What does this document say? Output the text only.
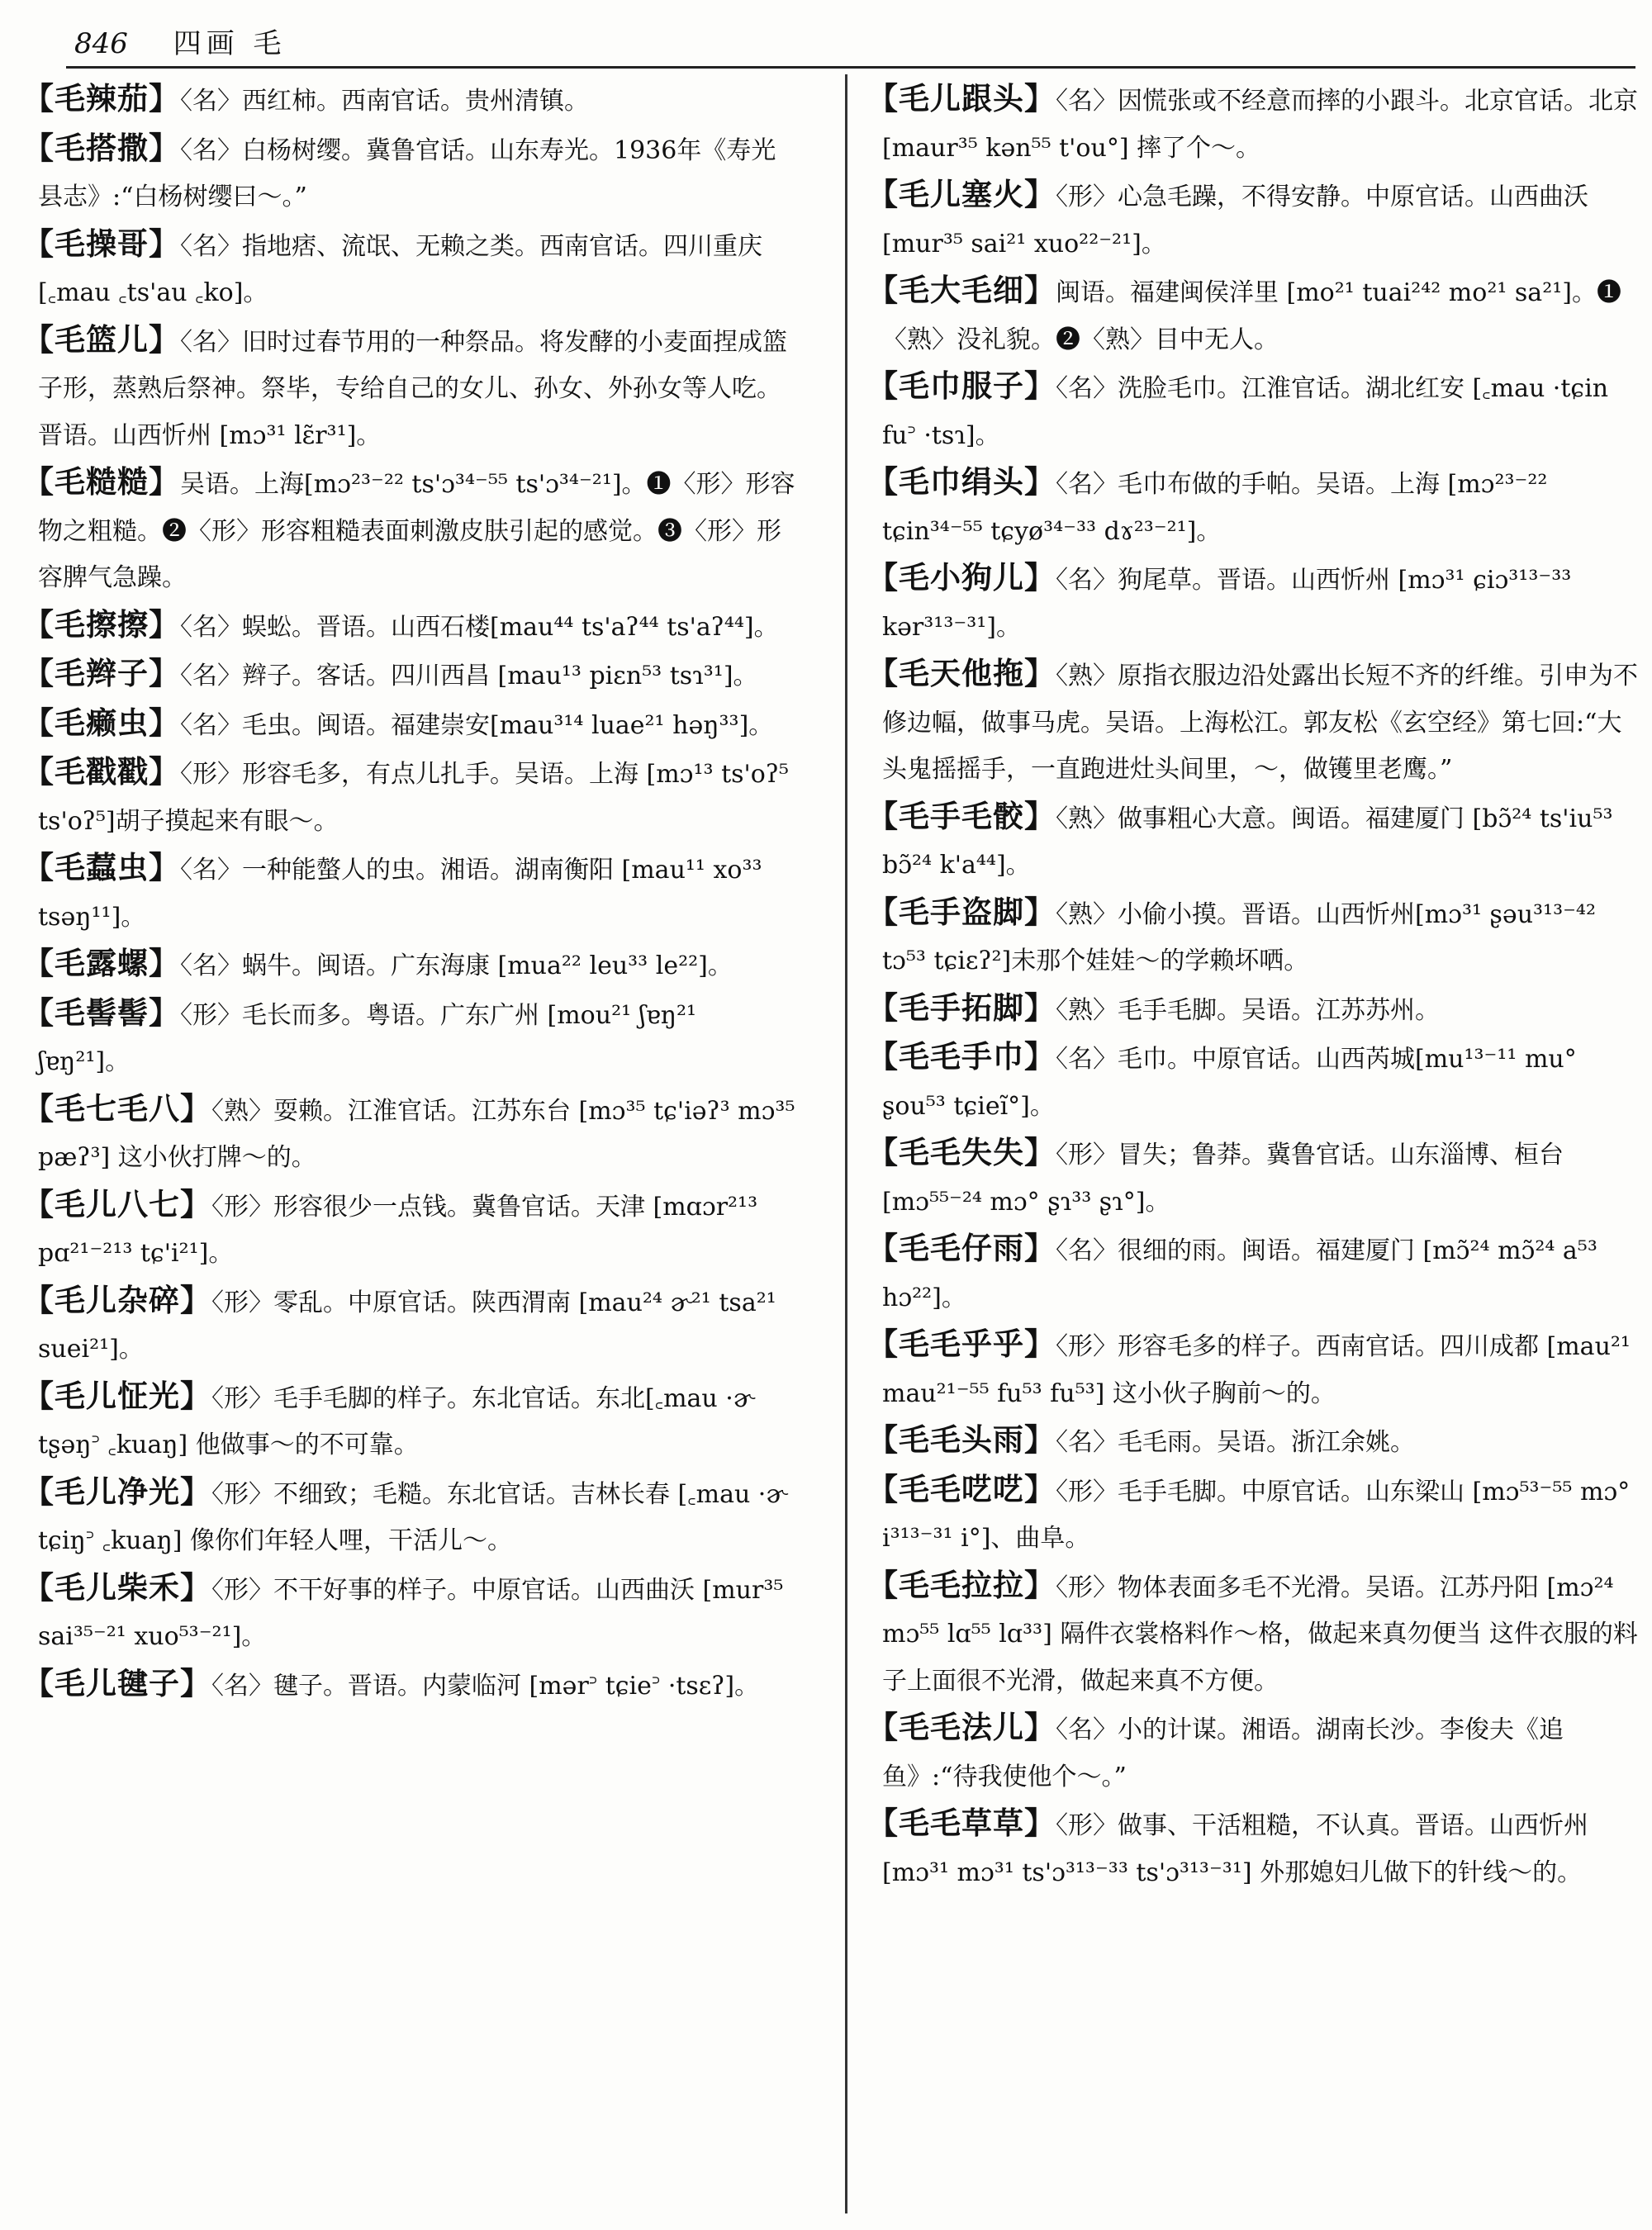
846 四画 毛

【毛辣茄】〈名〉西红柿。西南官话。贵州清镇。

【毛搭撒】〈名〉白杨树缨。冀鲁官话。山东寿光。1936年《寿光县志》:“白杨树缨曰～。”

【毛操哥】〈名〉指地痞、流氓、无赖之类。西南官话。四川重庆 [꜀mau ꜀ts'au ꜀ko]。

【毛篮儿】〈名〉旧时过春节用的一种祭品。将发酵的小麦面捏成篮子形，蒸熟后祭神。祭毕，专给自己的女儿、孙女、外孙女等人吃。晋语。山西忻州 [mɔ³¹ lɛ̃r³¹]。

【毛糙糙】吴语。上海[mɔ²³⁻²² ts'ɔ³⁴⁻⁵⁵ ts'ɔ³⁴⁻²¹]。❶〈形〉形容物之粗糙。❷〈形〉形容粗糙表面刺激皮肤引起的感觉。❸〈形〉形容脾气急躁。

【毛擦擦】〈名〉蜈蚣。晋语。山西石楼[mau⁴⁴ ts'aʔ⁴⁴ ts'aʔ⁴⁴]。

【毛辫子】〈名〉辫子。客话。四川西昌 [mau¹³ piɛn⁵³ tsɿ³¹]。

【毛癞虫】〈名〉毛虫。闽语。福建崇安[mau³¹⁴ luae²¹ həŋ³³]。

【毛戳戳】〈形〉形容毛多，有点儿扎手。吴语。上海 [mɔ¹³ ts'oʔ⁵ ts'oʔ⁵]胡子摸起来有眼～。

【毛蠚虫】〈名〉一种能螫人的虫。湘语。湖南衡阳 [mau¹¹ xo³³ tsəŋ¹¹]。

【毛露螺】〈名〉蜗牛。闽语。广东海康 [mua²² leu³³ le²²]。

【毛髻髻】〈形〉毛长而多。粤语。广东广州 [mou²¹ ʃɐŋ²¹ ʃɐŋ²¹]。

【毛七毛八】〈熟〉耍赖。江淮官话。江苏东台 [mɔ³⁵ tɕ'iəʔ³ mɔ³⁵ pæʔ³] 这小伙打牌～的。

【毛儿八七】〈形〉形容很少一点钱。冀鲁官话。天津 [mɑɔr²¹³ pɑ²¹⁻²¹³ tɕ'i²¹]。

【毛儿杂碎】〈形〉零乱。中原官话。陕西渭南 [mau²⁴ ɚ²¹ tsa²¹ suei²¹]。

【毛儿怔光】〈形〉毛手毛脚的样子。东北官话。东北[꜀mau ·ɚ tʂəŋ꜄ ꜀kuaŋ] 他做事～的不可靠。

【毛儿净光】〈形〉不细致；毛糙。东北官话。吉林长春 [꜀mau ·ɚ tɕiŋ꜄ ꜀kuaŋ] 像你们年轻人哩，干活儿～。

【毛儿柴禾】〈形〉不干好事的样子。中原官话。山西曲沃 [mur³⁵ sai³⁵⁻²¹ xuo⁵³⁻²¹]。

【毛儿毽子】〈名〉毽子。晋语。内蒙临河 [mər꜄ tɕie꜄ ·tsɛʔ]。

【毛儿跟头】〈名〉因慌张或不经意而摔的小跟斗。北京官话。北京 [maur³⁵ kən⁵⁵ t'ou°] 摔了个～。

【毛儿塞火】〈形〉心急毛躁，不得安静。中原官话。山西曲沃 [mur³⁵ sai²¹ xuo²²⁻²¹]。

【毛大毛细】闽语。福建闽侯洋里 [mo²¹ tuai²⁴² mo²¹ sa²¹]。❶〈熟〉没礼貌。❷〈熟〉目中无人。

【毛巾服子】〈名〉洗脸毛巾。江淮官话。湖北红安 [꜀mau ·tɕin fu꜄ ·tsɿ]。

【毛巾绢头】〈名〉毛巾布做的手帕。吴语。上海 [mɔ²³⁻²² tɕin³⁴⁻⁵⁵ tɕyø³⁴⁻³³ dɤ²³⁻²¹]。

【毛小狗儿】〈名〉狗尾草。晋语。山西忻州 [mɔ³¹ ɕiɔ³¹³⁻³³ kər³¹³⁻³¹]。

【毛天他拖】〈熟〉原指衣服边沿处露出长短不齐的纤维。引申为不修边幅，做事马虎。吴语。上海松江。郭友松《玄空经》第七回:“大头鬼摇摇手，一直跑进灶头间里，～，做镬里老鹰。”

【毛手毛骹】〈熟〉做事粗心大意。闽语。福建厦门 [bɔ̃²⁴ ts'iu⁵³ bɔ̃²⁴ k'a⁴⁴]。

【毛手盗脚】〈熟〉小偷小摸。晋语。山西忻州[mɔ³¹ ʂəu³¹³⁻⁴² tɔ⁵³ tɕiɛʔ²]未那个娃娃～的学赖坏哂。

【毛手拓脚】〈熟〉毛手毛脚。吴语。江苏苏州。

【毛毛手巾】〈名〉毛巾。中原官话。山西芮城[mu¹³⁻¹¹ mu° ʂou⁵³ tɕieĩ°]。

【毛毛失失】〈形〉冒失；鲁莽。冀鲁官话。山东淄博、桓台 [mɔ⁵⁵⁻²⁴ mɔ° ʂɿ³³ ʂɿ°]。

【毛毛仔雨】〈名〉很细的雨。闽语。福建厦门 [mɔ̃²⁴ mɔ̃²⁴ a⁵³ hɔ²²]。

【毛毛乎乎】〈形〉形容毛多的样子。西南官话。四川成都 [mau²¹ mau²¹⁻⁵⁵ fu⁵³ fu⁵³] 这小伙子胸前～的。

【毛毛头雨】〈名〉毛毛雨。吴语。浙江余姚。

【毛毛呓呓】〈形〉毛手毛脚。中原官话。山东梁山 [mɔ⁵³⁻⁵⁵ mɔ° i³¹³⁻³¹ i°]、曲阜。

【毛毛拉拉】〈形〉物体表面多毛不光滑。吴语。江苏丹阳 [mɔ²⁴ mɔ⁵⁵ lɑ⁵⁵ lɑ³³] 隔件衣裳格料作～格，做起来真勿便当 这件衣服的料子上面很不光滑，做起来真不方便。

【毛毛法儿】〈名〉小的计谋。湘语。湖南长沙。李俊夫《追鱼》:“待我使他个～。”

【毛毛草草】〈形〉做事、干活粗糙，不认真。晋语。山西忻州 [mɔ³¹ mɔ³¹ ts'ɔ³¹³⁻³³ ts'ɔ³¹³⁻³¹] 外那媳妇儿做下的针线～的。
